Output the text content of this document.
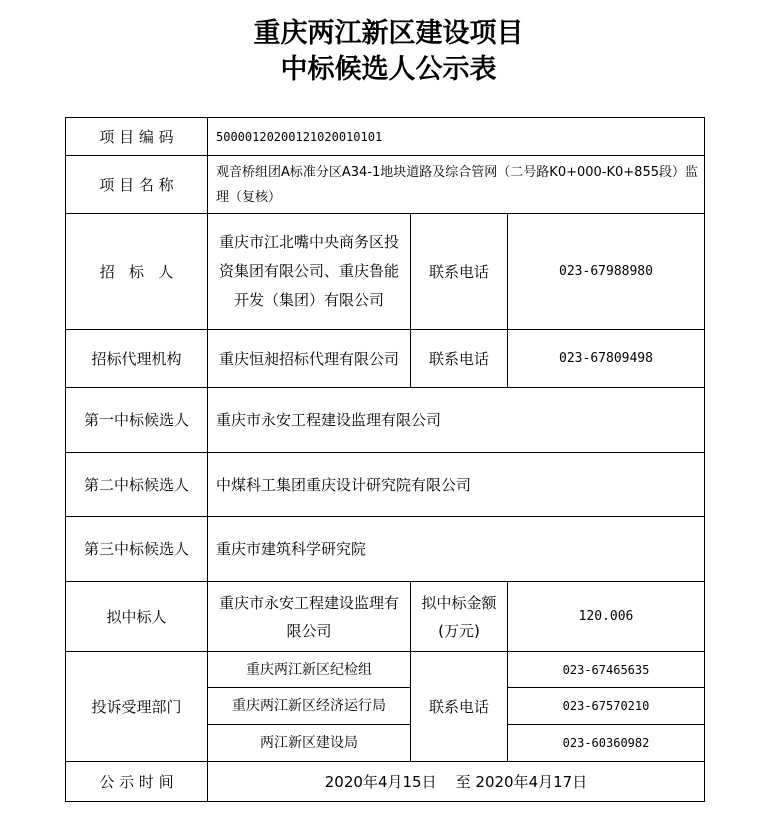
重庆两江新区建设项目
中标候选人公示表
项 目 编 码	500001202001210200101​01		
项 目 名 称	观音桥组团A标准分区A34-1地块道路及综合管网（二号路K0+000-K0+855段）监理（复核）		
招   标   人	重庆市江北嘴中央商务区投资集团有限公司、重庆鲁能开发（集团）有限公司	联系电话	023-67988980
招标代理机构	重庆恒昶招标代理有限公司	联系电话	023-67809498
第一中标候选人	重庆市永安工程建设监理有限公司		
第二中标候选人	中煤科工集团重庆设计研究院有限公司		
第三中标候选人	重庆市建筑科学研究院		
拟中标人	重庆市永安工程建设监理有限公司	拟中标金额(万元)	120.006
投诉受理部门	重庆两江新区纪检组	联系电话	023-67465635
	重庆两江新区经济运行局		023-67570210
	两江新区建设局		023-60360982
公 示 时 间	2020年4月15日    至 2020年4月17日		
